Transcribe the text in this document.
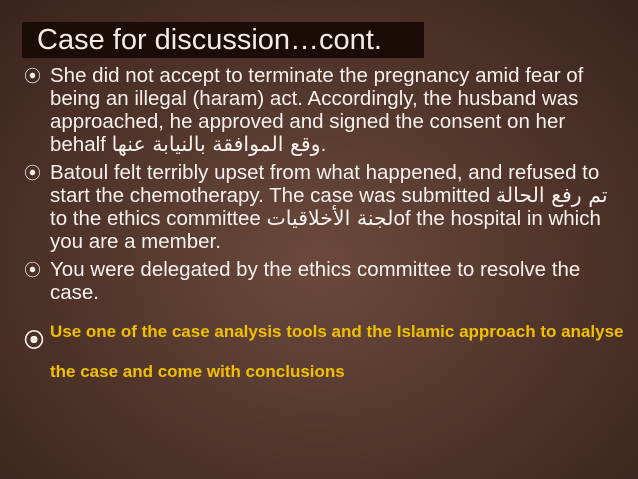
Case for discussion…cont.

⦿ She did not accept to terminate the pregnancy amid fear of being an illegal (haram) act. Accordingly, the husband was approached, he approved and signed the consent on her behalf وقع الموافقة بالنيابة عنها.

⦿ Batoul felt terribly upset from what happened, and refused to start the chemotherapy. The case was submitted تم رفع الحالة to the ethics committee لجنة الأخلاقياتof the hospital in which you are a member.

⦿ You were delegated by the ethics committee to resolve the case.

⦿ Use one of the case analysis tools and the Islamic approach to analyse the case and come with conclusions
